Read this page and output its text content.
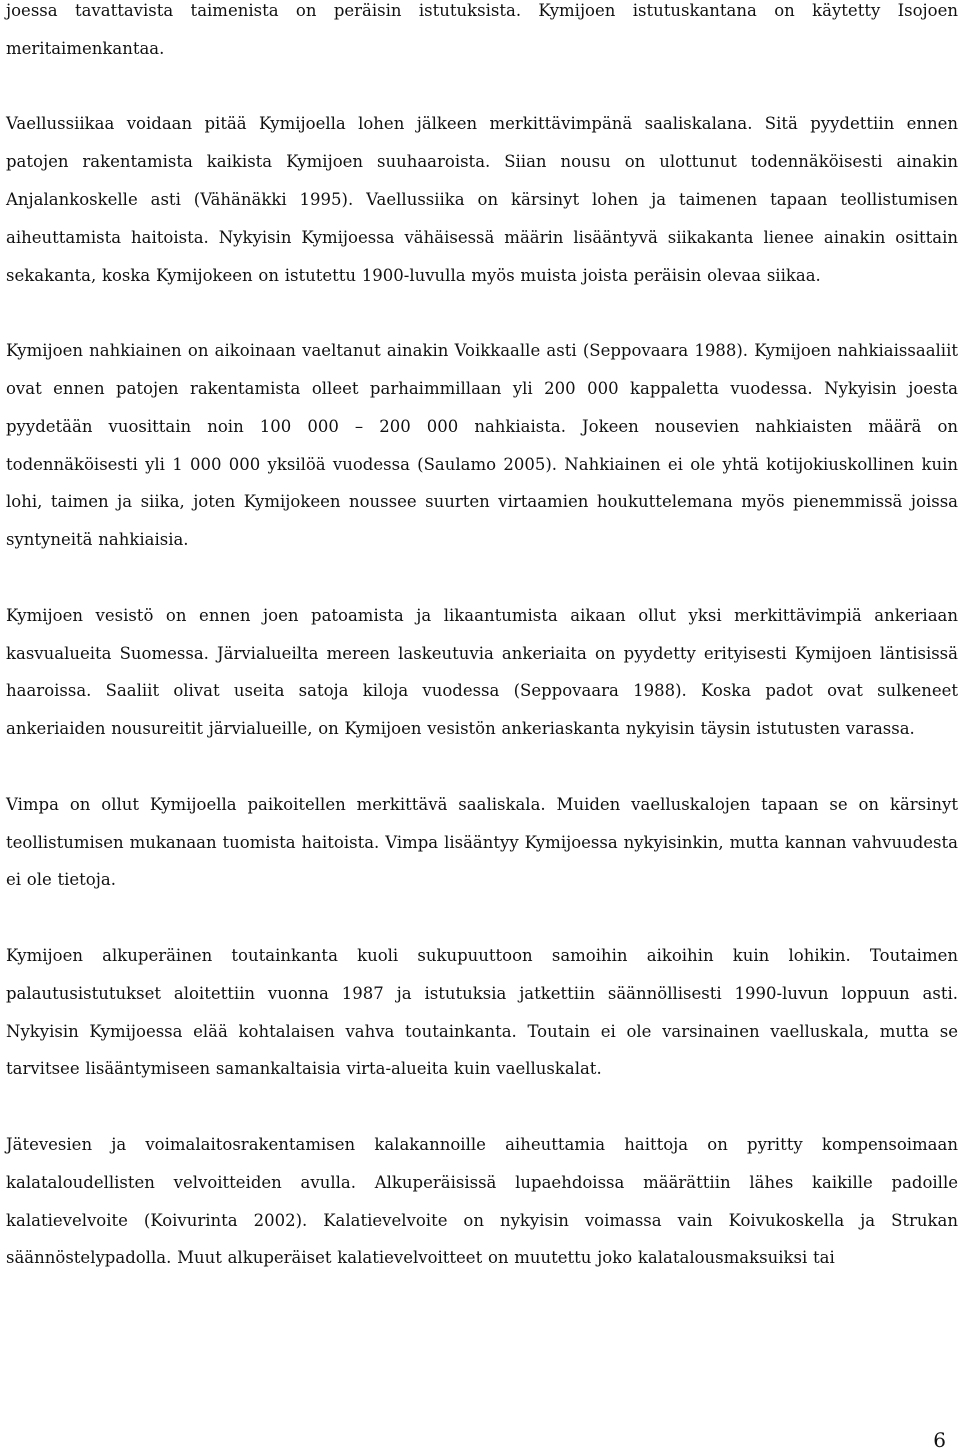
joessa tavattavista taimenista on peräisin istutuksista. Kymijoen istutuskantana on käytetty Isojoen meritaimenkantaa.

Vaellussiikaa voidaan pitää Kymijoella lohen jälkeen merkittävimpänä saaliskalana. Sitä pyydettiin ennen patojen rakentamista kaikista Kymijoen suuhaaroista. Siian nousu on ulottunut todennäköisesti ainakin Anjalankoskelle asti (Vähänäkki 1995). Vaellussiika on kärsinyt lohen ja taimenen tapaan teollistumisen aiheuttamista haitoista. Nykyisin Kymijoessa vähäisessä määrin lisääntyvä siikakanta lienee ainakin osittain sekakanta, koska Kymijokeen on istutettu 1900-luvulla myös muista joista peräisin olevaa siikaa.

Kymijoen nahkiainen on aikoinaan vaeltanut ainakin Voikkaalle asti (Seppovaara 1988). Kymijoen nahkiaissaaliit ovat ennen patojen rakentamista olleet parhaimmillaan yli 200 000 kappaletta vuodessa. Nykyisin joesta pyydetään vuosittain noin 100 000 – 200 000 nahkiaista. Jokeen nousevien nahkiaisten määrä on todennäköisesti yli 1 000 000 yksilöä vuodessa (Saulamo 2005). Nahkiainen ei ole yhtä kotijokiuskollinen kuin lohi, taimen ja siika, joten Kymijokeen noussee suurten virtaamien houkuttelemana myös pienemmissä joissa syntyneitä nahkiaisia.

Kymijoen vesistö on ennen joen patoamista ja likaantumista aikaan ollut yksi merkittävimpiä ankeriaan kasvualueita Suomessa. Järvialueilta mereen laskeutuvia ankeriaita on pyydetty erityisesti Kymijoen läntisissä haaroissa. Saaliit olivat useita satoja kiloja vuodessa (Seppovaara 1988). Koska padot ovat sulkeneet ankeriaiden nousureitit järvialueille, on Kymijoen vesistön ankeriaskanta nykyisin täysin istutusten varassa.

Vimpa on ollut Kymijoella paikoitellen merkittävä saaliskala. Muiden vaelluskalojen tapaan se on kärsinyt teollistumisen mukanaan tuomista haitoista. Vimpa lisääntyy Kymijoessa nykyisinkin, mutta kannan vahvuudesta ei ole tietoja.

Kymijoen alkuperäinen toutainkanta kuoli sukupuuttoon samoihin aikoihin kuin lohikin. Toutaimen palautusistutukset aloitettiin vuonna 1987 ja istutuksia jatkettiin säännöllisesti 1990-luvun loppuun asti. Nykyisin Kymijoessa elää kohtalaisen vahva toutainkanta. Toutain ei ole varsinainen vaelluskala, mutta se tarvitsee lisääntymiseen samankaltaisia virta-alueita kuin vaelluskalat.

Jätevesien ja voimalaitosrakentamisen kalakannoille aiheuttamia haittoja on pyritty kompensoimaan kalataloudellisten velvoitteiden avulla. Alkuperäisissä lupaehdoissa määrättiin lähes kaikille padoille kalatievelvoite (Koivurinta 2002). Kalatievelvoite on nykyisin voimassa vain Koivukoskella ja Strukan säännöstelypadolla. Muut alkuperäiset kalatievelvoitteet on muutettu joko kalatalousmaksuiksi tai

6
